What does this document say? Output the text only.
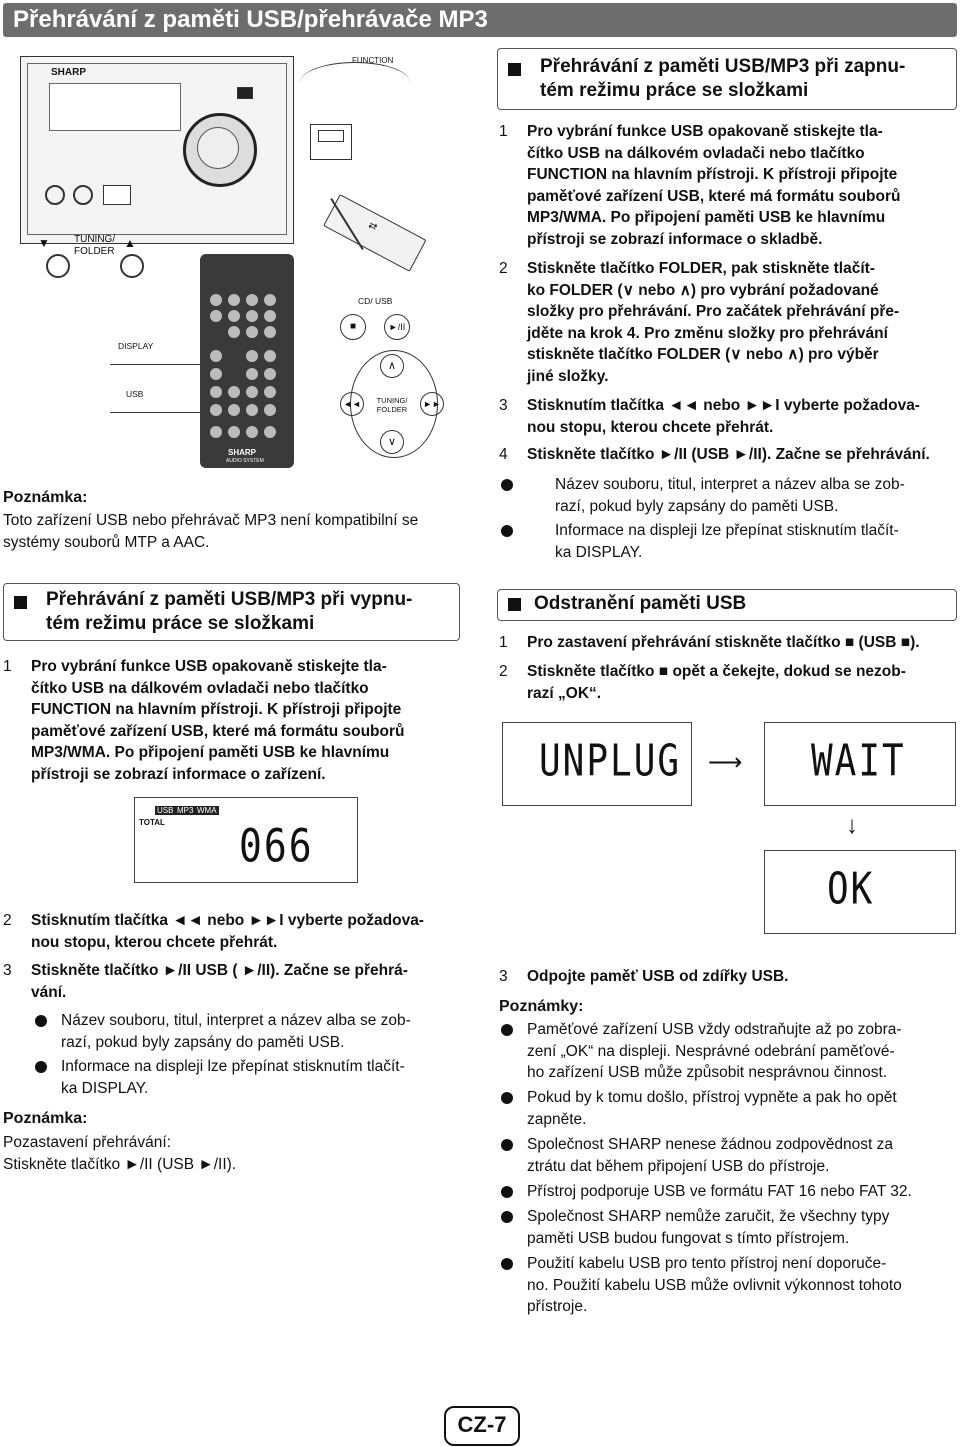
Přehrávání z paměti USB/přehrávače MP3
SHARP
FUNCTION
▼ TUNING/
FOLDER
▲
SHARP
AUDIO SYSTEM
DISPLAY
USB
⇄
CD/ USB
■	►/II
∧
∨
◄◄	►►
TUNING/ FOLDER
Poznámka:
Toto zařízení USB nebo přehrávač MP3 není kompatibilní se systémy souborů MTP a AAC.
Přehrávání z paměti USB/MP3 při vypnu-
tém režimu práce se složkami
1 Pro vybrání funkce USB opakovaně stiskejte tla-
čítko USB na dálkovém ovladači nebo tlačítko
FUNCTION na hlavním přístroji. K přístroji připojte
paměťové zařízení USB, které má formátu souborů
MP3/WMA. Po připojení paměti USB ke hlavnímu
přístroji se zobrazí informace o zařízení.
USB MP3 WMA
TOTAL 066
2 Stisknutím tlačítka ◄◄ nebo ►►I vyberte požadova-
nou stopu, kterou chcete přehrát.
3 Stiskněte tlačítko ►/II USB ( ►/II). Začne se přehrá-
vání.
Název souboru, titul, interpret a název alba se zob-
razí, pokud byly zapsány do paměti USB.
Informace na displeji lze přepínat stisknutím tlačít-
ka DISPLAY.
Poznámka:
Pozastavení přehrávání:
Stiskněte tlačítko ►/II (USB ►/II).
Přehrávání z paměti USB/MP3 při zapnu-
tém režimu práce se složkami
1 Pro vybrání funkce USB opakovaně stiskejte tla-
čítko USB na dálkovém ovladači nebo tlačítko
FUNCTION na hlavním přístroji. K přístroji připojte
paměťové zařízení USB, které má formátu souborů
MP3/WMA. Po připojení paměti USB ke hlavnímu
přístroji se zobrazí informace o skladbě.
2 Stiskněte tlačítko FOLDER, pak stiskněte tlačít-
ko FOLDER (∨ nebo ∧) pro vybrání požadované
složky pro přehrávání. Pro začátek přehrávání pře-
jděte na krok 4. Pro změnu složky pro přehrávání
stiskněte tlačítko FOLDER (∨ nebo ∧) pro výběr
jiné složky.
3 Stisknutím tlačítka ◄◄ nebo ►►I vyberte požadova-
nou stopu, kterou chcete přehrát.
4 Stiskněte tlačítko ►/II (USB ►/II). Začne se přehrávání.
Název souboru, titul, interpret a název alba se zob-
razí, pokud byly zapsány do paměti USB.
Informace na displeji lze přepínat stisknutím tlačít-
ka DISPLAY.
Odstranění paměti USB
1 Pro zastavení přehrávání stiskněte tlačítko ■ (USB ■).
2 Stiskněte tlačítko ■ opět a čekejte, dokud se nezob-
razí „OK“.
UNPLUG ⟶ WAIT
↓
OK
3 Odpojte paměť USB od zdířky USB.
Poznámky:
Paměťové zařízení USB vždy odstraňujte až po zobra-
zení „OK“ na displeji. Nesprávné odebrání paměťové-
ho zařízení USB může způsobit nesprávnou činnost.
Pokud by k tomu došlo, přístroj vypněte a pak ho opět
zapněte.
Společnost SHARP nenese žádnou zodpovědnost za
ztrátu dat během připojení USB do přístroje.
Přístroj podporuje USB ve formátu FAT 16 nebo FAT 32.
Společnost SHARP nemůže zaručit, že všechny typy
paměti USB budou fungovat s tímto přístrojem.
Použití kabelu USB pro tento přístroj není doporuče-
no. Použití kabelu USB může ovlivnit výkonnost tohoto
přístroje.
CZ-7
